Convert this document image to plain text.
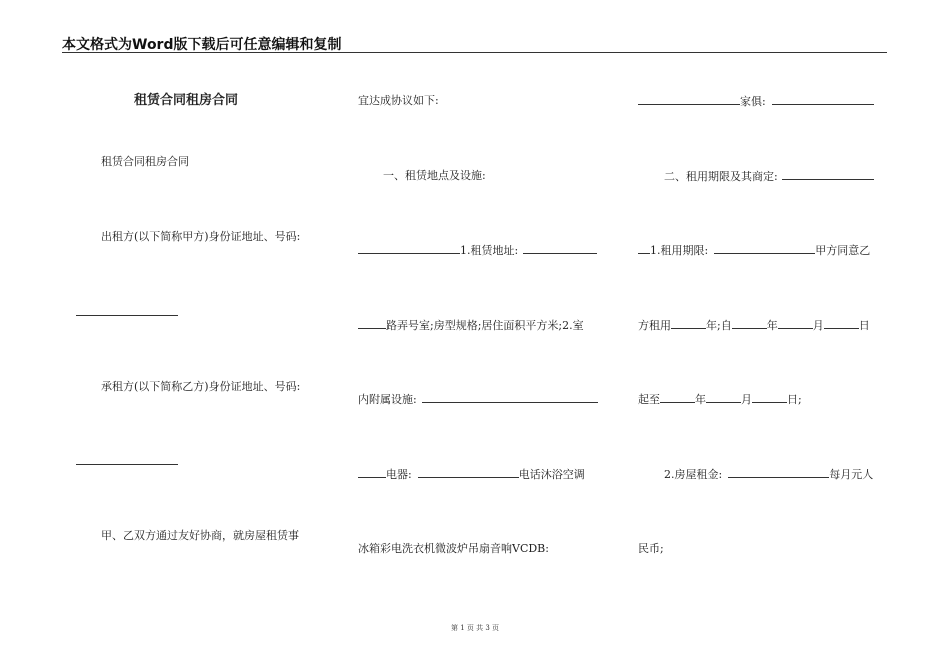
本文格式为Word版下载后可任意编辑和复制
租赁合同租房合同
租赁合同租房合同
出租方(以下简称甲方)身份证地址、号码:
承租方(以下简称乙方)身份证地址、号码:
甲、乙双方通过友好协商，就房屋租赁事
宜达成协议如下:
一、租赁地点及设施:
1.租赁地址:
路弄号室;房型规格;居住面积平方米;2.室
内附属设施:
电器:	电话沐浴空调
冰箱彩电洗衣机微波炉吊扇音响VCDB:
家俱:
二、租用期限及其商定:
1.租用期限:	甲方同意乙
方租用	年;自	年	月	日
起至	年	月	日;
2.房屋租金:	每月元人
民币;
第 1 页 共 3 页
